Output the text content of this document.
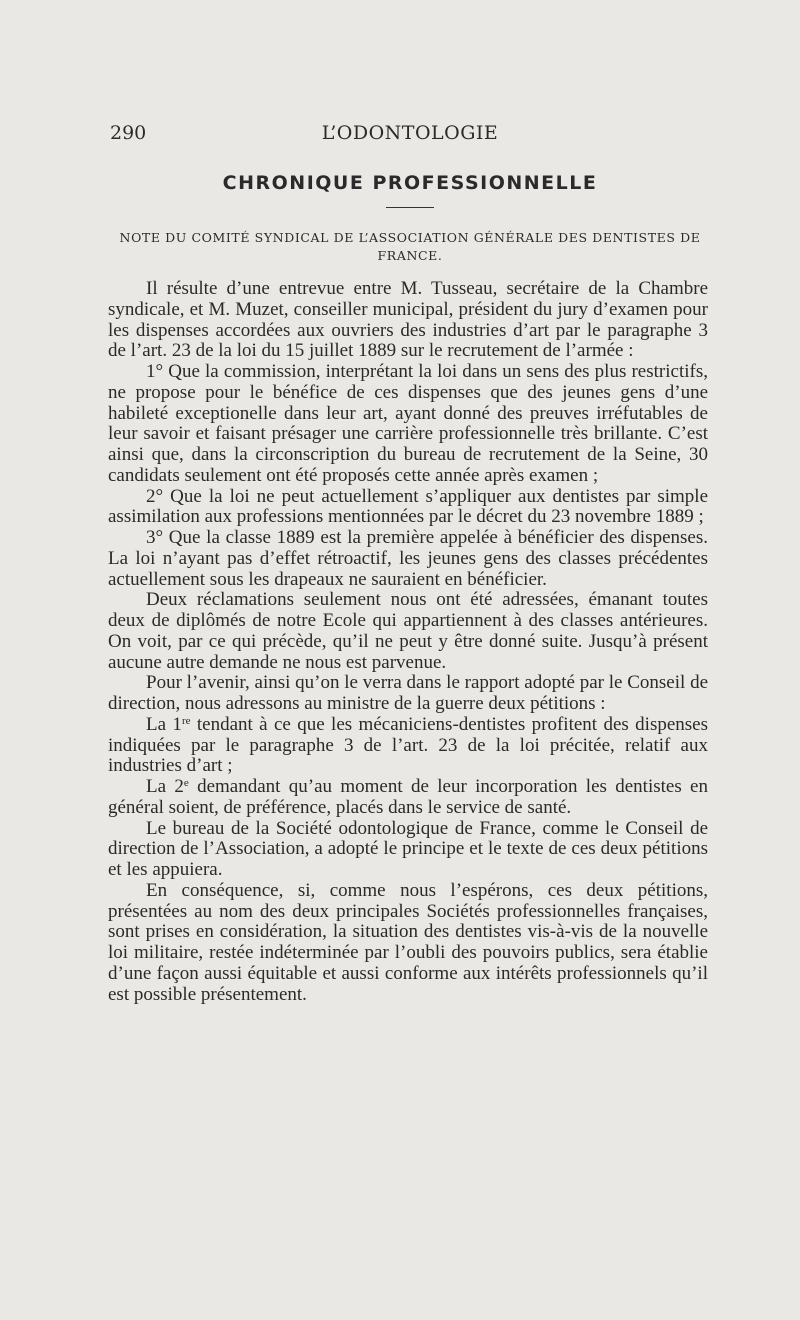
290	L’ODONTOLOGIE
CHRONIQUE PROFESSIONNELLE
NOTE DU COMITÉ SYNDICAL DE L’ASSOCIATION GÉNÉRALE DES DENTISTES DE FRANCE.

Il résulte d’une entrevue entre M. Tusseau, secrétaire de la Chambre syndicale, et M. Muzet, conseiller municipal, président du jury d’examen pour les dispenses accordées aux ouvriers des industries d’art par le paragraphe 3 de l’art. 23 de la loi du 15 juillet 1889 sur le recrutement de l’armée :

1° Que la commission, interprétant la loi dans un sens des plus restrictifs, ne propose pour le bénéfice de ces dispenses que des jeunes gens d’une habileté exceptionelle dans leur art, ayant donné des preuves irréfutables de leur savoir et faisant présager une carrière professionnelle très brillante. C’est ainsi que, dans la circonscription du bureau de recrutement de la Seine, 30 candidats seulement ont été proposés cette année après examen ;

2° Que la loi ne peut actuellement s’appliquer aux dentistes par simple assimilation aux professions mentionnées par le décret du 23 novembre 1889 ;

3° Que la classe 1889 est la première appelée à bénéficier des dispenses. La loi n’ayant pas d’effet rétroactif, les jeunes gens des classes précédentes actuellement sous les drapeaux ne sauraient en bénéficier.

Deux réclamations seulement nous ont été adressées, émanant toutes deux de diplômés de notre Ecole qui appartiennent à des classes antérieures. On voit, par ce qui précède, qu’il ne peut y être donné suite. Jusqu’à présent aucune autre demande ne nous est parvenue.

Pour l’avenir, ainsi qu’on le verra dans le rapport adopté par le Conseil de direction, nous adressons au ministre de la guerre deux pétitions :

La 1re tendant à ce que les mécaniciens-dentistes profitent des dispenses indiquées par le paragraphe 3 de l’art. 23 de la loi précitée, relatif aux industries d’art ;

La 2e demandant qu’au moment de leur incorporation les dentistes en général soient, de préférence, placés dans le service de santé.

Le bureau de la Société odontologique de France, comme le Conseil de direction de l’Association, a adopté le principe et le texte de ces deux pétitions et les appuiera.

En conséquence, si, comme nous l’espérons, ces deux pétitions, présentées au nom des deux principales Sociétés professionnelles françaises, sont prises en considération, la situation des dentistes vis-à-vis de la nouvelle loi militaire, restée indéterminée par l’oubli des pouvoirs publics, sera établie d’une façon aussi équitable et aussi conforme aux intérêts professionnels qu’il est possible présentement.
